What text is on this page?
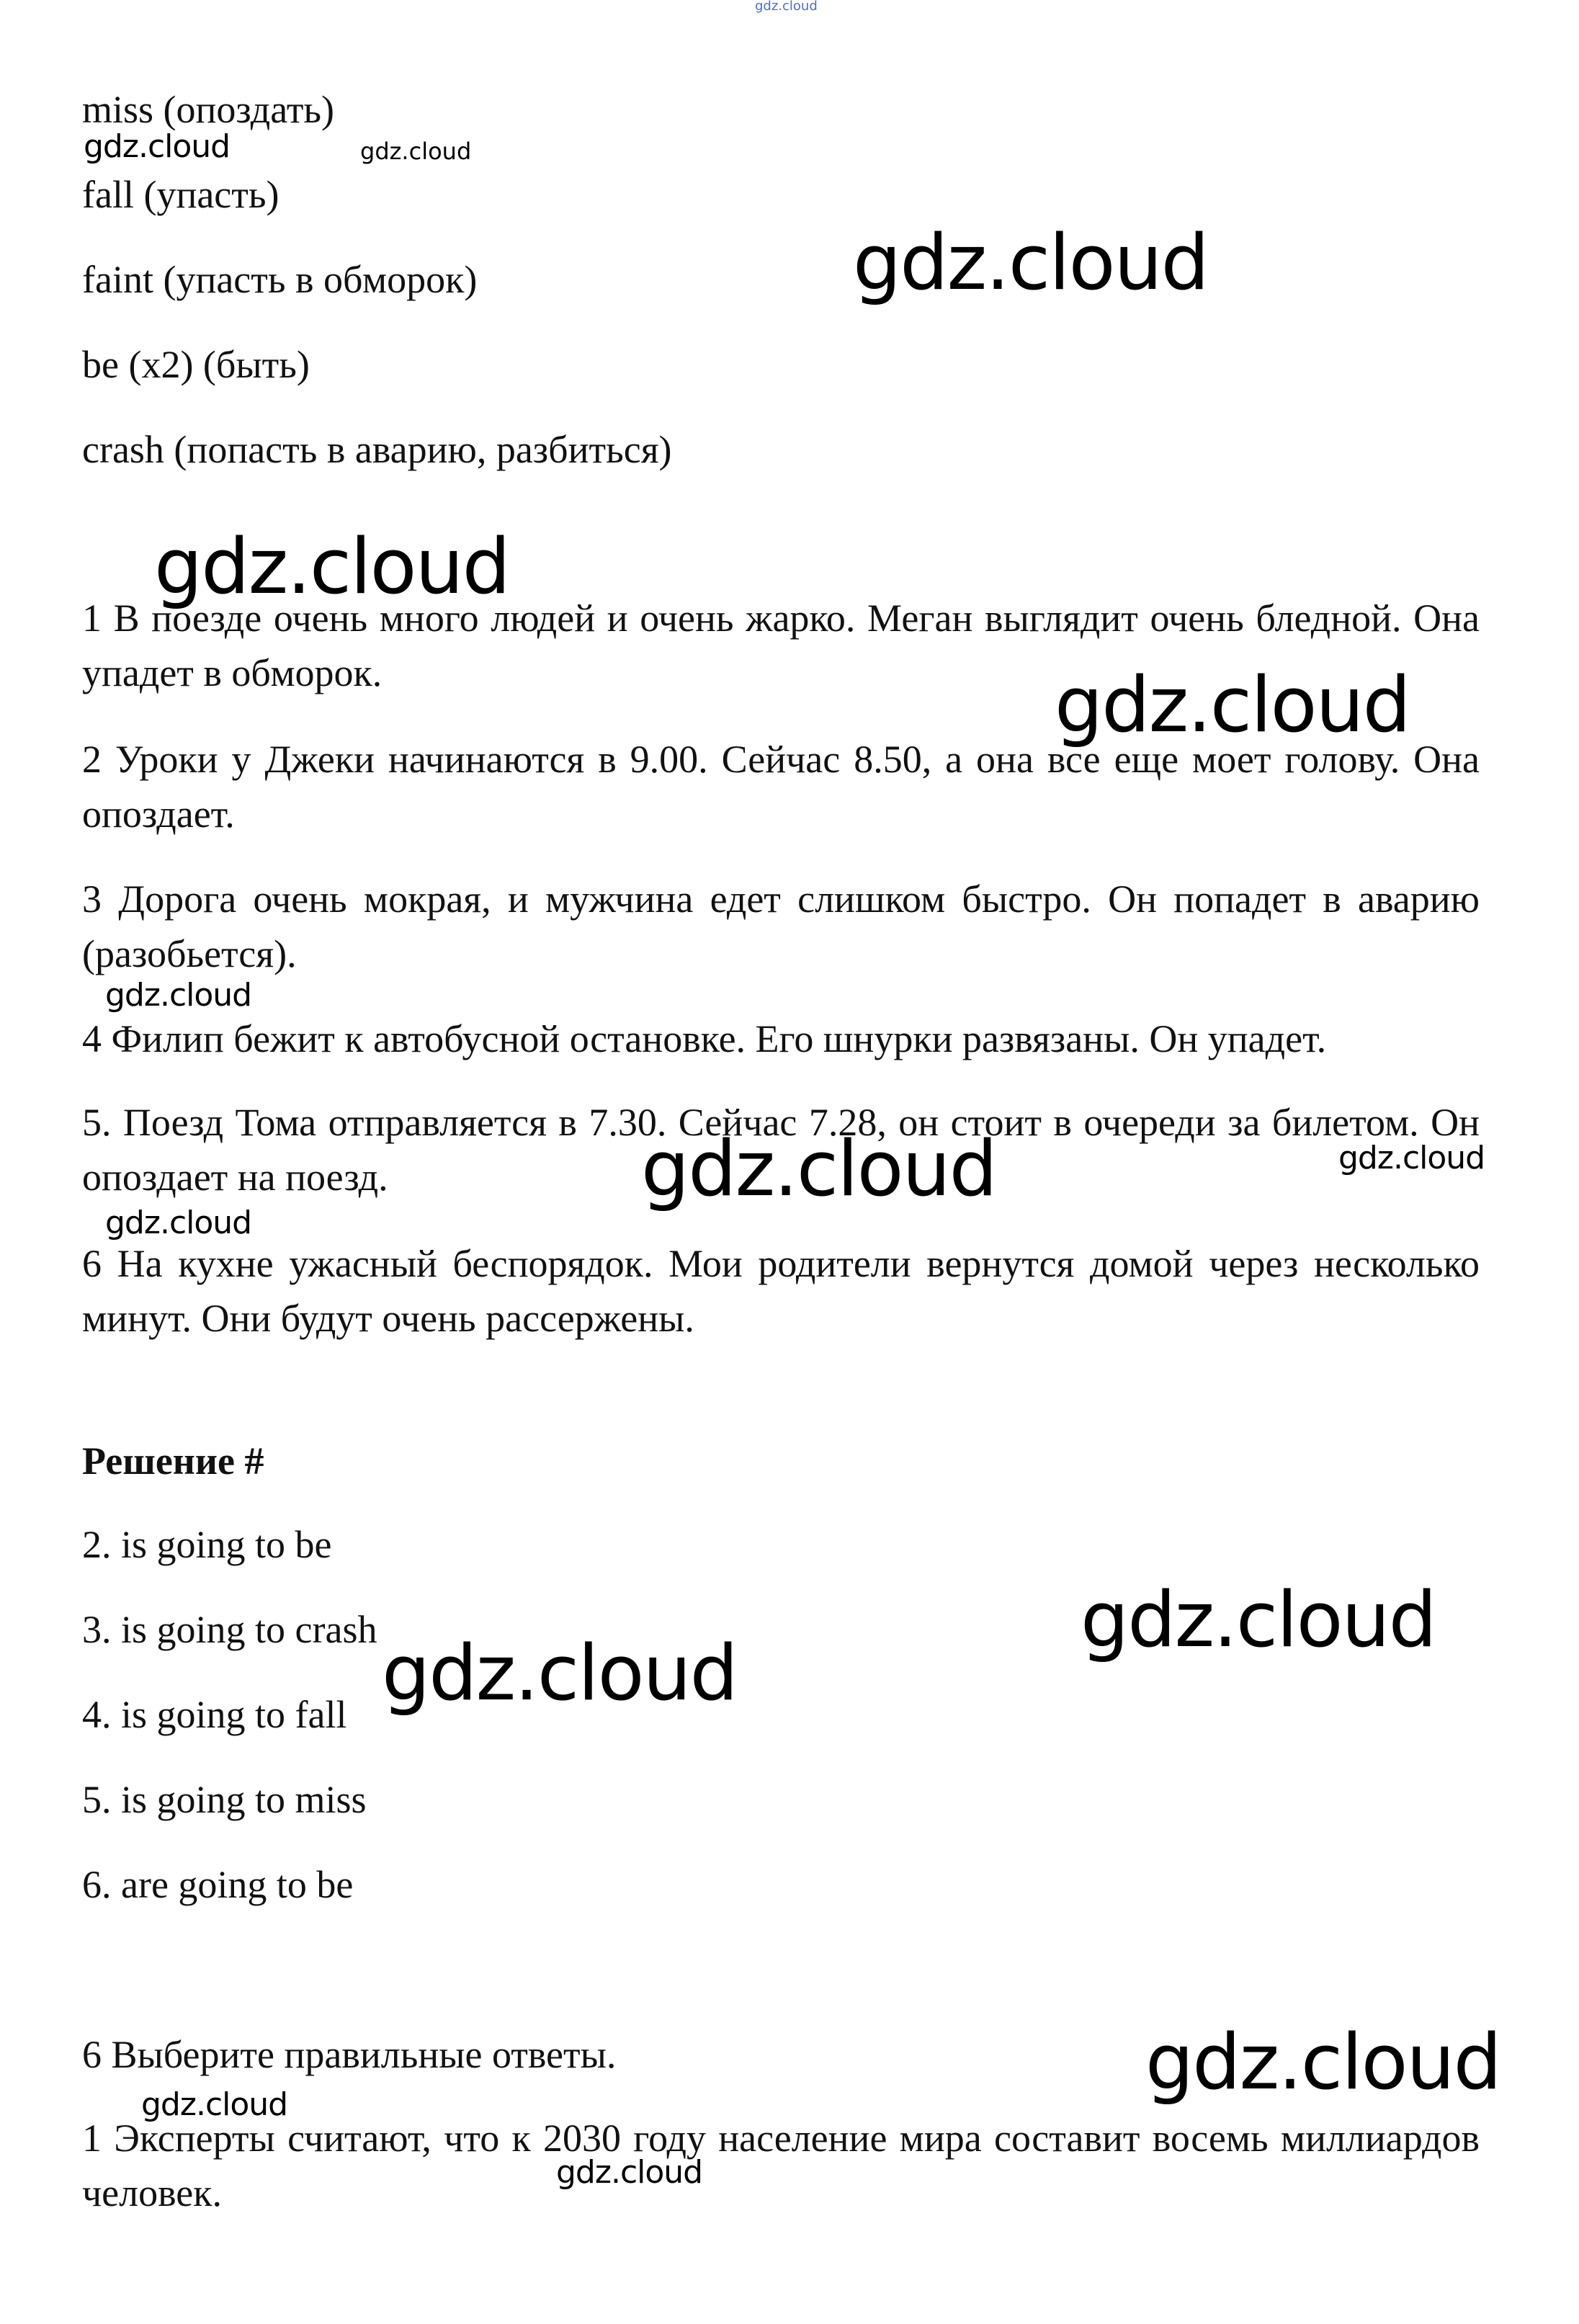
gdz.cloud

miss (опоздать)

fall (упасть)

faint (упасть в обморок)

be (x2) (быть)

crash (попасть в аварию, разбиться)

1 В поезде очень много людей и очень жарко. Меган выглядит очень бледной. Она упадет в обморок.

2 Уроки у Джеки начинаются в 9.00. Сейчас 8.50, а она все еще моет голову. Она опоздает.

3 Дорога очень мокрая, и мужчина едет слишком быстро. Он попадет в аварию (разобьется).

4 Филип бежит к автобусной остановке. Его шнурки развязаны. Он упадет.

5. Поезд Тома отправляется в 7.30. Сейчас 7.28, он стоит в очереди за билетом. Он опоздает на поезд.

6 На кухне ужасный беспорядок. Мои родители вернутся домой через несколько минут. Они будут очень рассержены.

Решение #

2. is going to be

3. is going to crash

4. is going to fall

5. is going to miss

6. are going to be

6 Выберите правильные ответы.

1 Эксперты считают, что к 2030 году население мира составит восемь миллиардов человек.

gdz.cloud	gdz.cloud
gdz.cloud
gdz.cloud
gdz.cloud
gdz.cloud
gdz.cloud	gdz.cloud
gdz.cloud
gdz.cloud
gdz.cloud
gdz.cloud
gdz.cloud
gdz.cloud
